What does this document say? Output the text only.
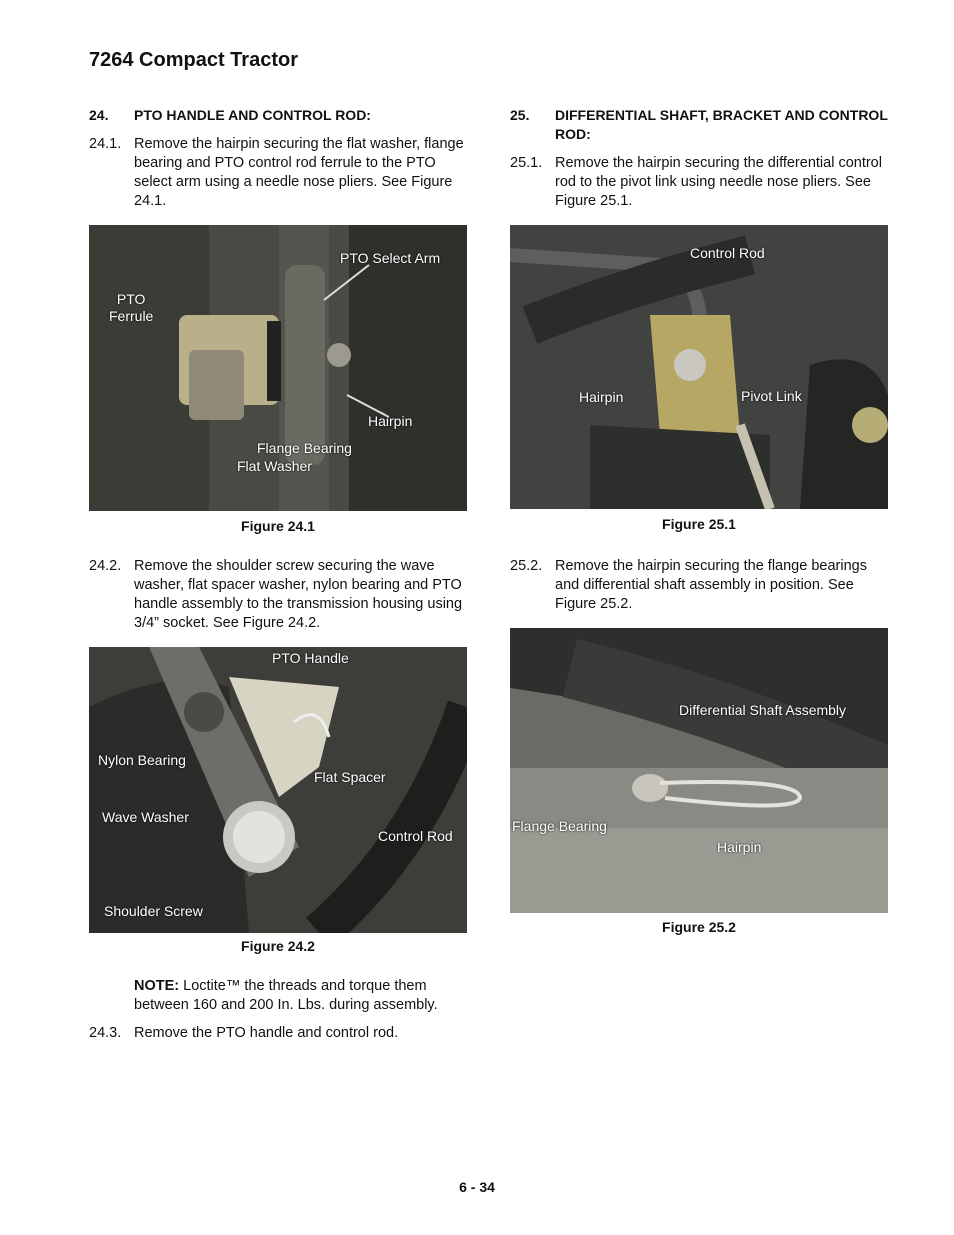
7264 Compact Tractor
24.	PTO HANDLE AND CONTROL ROD:
24.1. Remove the hairpin securing the flat washer, flange bearing and PTO control rod ferrule to the PTO select arm using a needle nose pliers. See Figure 24.1.
PTO Select Arm
PTO
Ferrule
Hairpin
Flange Bearing
Flat Washer
Figure 24.1
24.2. Remove the shoulder screw securing the wave washer, flat spacer washer, nylon bearing and PTO handle assembly to the transmission housing using 3/4” socket. See Figure 24.2.
PTO Handle
Nylon Bearing
Flat Spacer
Wave Washer
Control Rod
Shoulder Screw
Figure 24.2
NOTE: Loctite™ the threads and torque them between 160 and 200 In. Lbs. during assembly.
24.3. Remove the PTO handle and control rod.
25.	DIFFERENTIAL SHAFT, BRACKET AND CONTROL ROD:
25.1. Remove the hairpin securing the differential control rod to the pivot link using needle nose pliers. See Figure 25.1.
Control Rod
Hairpin	Pivot Link
Figure 25.1
25.2. Remove the hairpin securing the flange bearings and differential shaft assembly in position. See Figure 25.2.
Differential Shaft Assembly
Flange Bearing
Hairpin
Figure 25.2
6 - 34
